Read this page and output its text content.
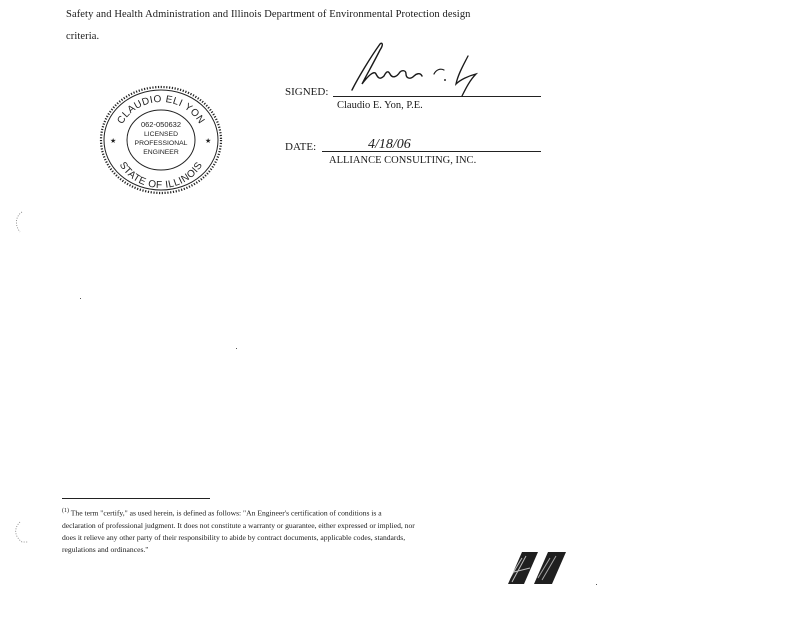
Safety and Health Administration and Illinois Department of Environmental Protection design
criteria.
CLAUDIO ELI YON
STATE OF ILLINOIS
★	★
062-050632
LICENSED
PROFESSIONAL
ENGINEER
SIGNED:
Claudio E. Yon, P.E.
DATE:	4/18/06
ALLIANCE CONSULTING, INC.
$^{(1)}$ The term "certify," as used herein, is defined as follows: "An Engineer's certification of conditions is a
declaration of professional judgment. It does not constitute a warranty or guarantee, either expressed or implied, nor
does it relieve any other party of their responsibility to abide by contract documents, applicable codes, standards,
regulations and ordinances."
